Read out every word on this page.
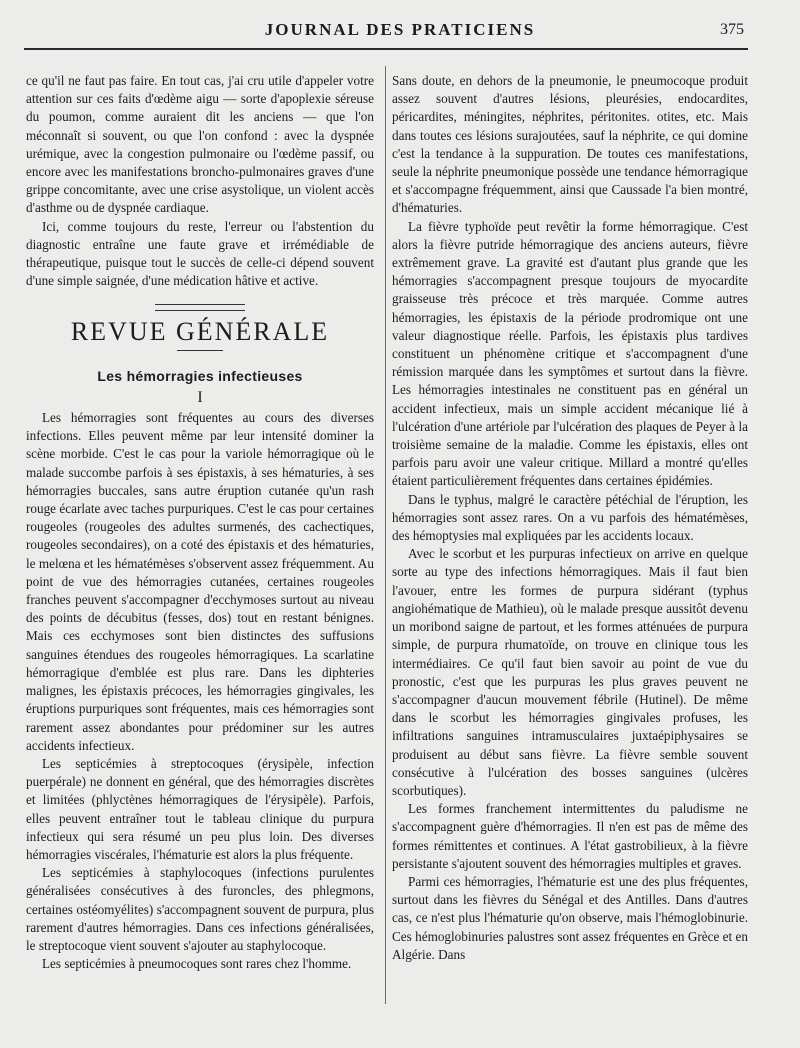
JOURNAL DES PRATICIENS	375

ce qu'il ne faut pas faire. En tout cas, j'ai cru utile d'appeler votre attention sur ces faits d'œdème aigu — sorte d'apoplexie séreuse du poumon, comme auraient dit les anciens — que l'on méconnaît si souvent, ou que l'on confond : avec la dyspnée urémique, avec la congestion pulmonaire ou l'œdème passif, ou encore avec les manifestations broncho-pulmonaires graves d'une grippe concomitante, avec une crise asystolique, un violent accès d'asthme ou de dyspnée cardiaque.

Ici, comme toujours du reste, l'erreur ou l'abstention du diagnostic entraîne une faute grave et irrémédiable de thérapeutique, puisque tout le succès de celle-ci dépend souvent d'une simple saignée, d'une médication hâtive et active.

REVUE GÉNÉRALE
Les hémorragies infectieuses
I

Les hémorragies sont fréquentes au cours des diverses infections. Elles peuvent même par leur intensité dominer la scène morbide. C'est le cas pour la variole hémorragique où le malade succombe parfois à ses épistaxis, à ses hématuries, à ses hémorragies buccales, sans autre éruption cutanée qu'un rash rouge écarlate avec taches purpuriques. C'est le cas pour certaines rougeoles (rougeoles des adultes surmenés, des cachectiques, rougeoles secondaires), on a coté des épistaxis et des hématuries, le melœna et les hématémèses s'observent assez fréquemment. Au point de vue des hémorragies cutanées, certaines rougeoles franches peuvent s'accompagner d'ecchymoses surtout au niveau des points de décubitus (fesses, dos) tout en restant bénignes. Mais ces ecchymoses sont bien distinctes des suffusions sanguines étendues des rougeoles hémorragiques. La scarlatine hémorragique d'emblée est plus rare. Dans les diphteries malignes, les épistaxis précoces, les hémorragies gingivales, les éruptions purpuriques sont fréquentes, mais ces hémorragies sont rarement assez abondantes pour prédominer sur les autres accidents infectieux.

Les septicémies à streptocoques (érysipèle, infection puerpérale) ne donnent en général, que des hémorragies discrètes et limitées (phlyctènes hémorragiques de l'érysipèle). Parfois, elles peuvent entraîner tout le tableau clinique du purpura infectieux qui sera résumé un peu plus loin. Des diverses hémorragies viscérales, l'hématurie est alors la plus fréquente.

Les septicémies à staphylocoques (infections purulentes généralisées consécutives à des furoncles, des phlegmons, certaines ostéomyélites) s'accompagnent souvent de purpura, plus rarement d'autres hémorragies. Dans ces infections généralisées, le streptocoque vient souvent s'ajouter au staphylocoque.

Les septicémies à pneumocoques sont rares chez l'homme.

Sans doute, en dehors de la pneumonie, le pneumocoque produit assez souvent d'autres lésions, pleurésies, endocardites, péricardites, méningites, néphrites, péritonites. otites, etc. Mais dans toutes ces lésions surajoutées, sauf la néphrite, ce qui domine c'est la tendance à la suppuration. De toutes ces manifestations, seule la néphrite pneumonique possède une tendance hémorragique et s'accompagne fréquemment, ainsi que Caussade l'a bien montré, d'hématuries.

La fièvre typhoïde peut revêtir la forme hémorragique. C'est alors la fièvre putride hémorragique des anciens auteurs, fièvre extrêmement grave. La gravité est d'autant plus grande que les hémorragies s'accompagnent presque toujours de myocardite graisseuse très précoce et très marquée. Comme autres hémorragies, les épistaxis de la période prodromique ont une valeur diagnostique réelle. Parfois, les épistaxis plus tardives constituent un phénomène critique et s'accompagnent d'une rémission marquée dans les symptômes et surtout dans la fièvre. Les hémorragies intestinales ne constituent pas en général un accident infectieux, mais un simple accident mécanique lié à l'ulcération d'une artériole par l'ulcération des plaques de Peyer à la troisième semaine de la maladie. Comme les épistaxis, elles ont parfois paru avoir une valeur critique. Millard a montré qu'elles étaient particulièrement fréquentes dans certaines épidémies.

Dans le typhus, malgré le caractère pétéchial de l'éruption, les hémorragies sont assez rares. On a vu parfois des hématémèses, des hémoptysies mal expliquées par les accidents locaux.

Avec le scorbut et les purpuras infectieux on arrive en quelque sorte au type des infections hémorragiques. Mais il faut bien l'avouer, entre les formes de purpura sidérant (typhus angiohématique de Mathieu), où le malade presque aussitôt devenu un moribond saigne de partout, et les formes atténuées de purpura simple, de purpura rhumatoïde, on trouve en clinique tous les intermédiaires. Ce qu'il faut bien savoir au point de vue du pronostic, c'est que les purpuras les plus graves peuvent ne s'accompagner d'aucun mouvement fébrile (Hutinel). De même dans le scorbut les hémorragies gingivales profuses, les infiltrations sanguines intramusculaires juxtaépiphysaires se produisent au début sans fièvre. La fièvre semble souvent consécutive à l'ulcération des bosses sanguines (ulcères scorbutiques).

Les formes franchement intermittentes du paludisme ne s'accompagnent guère d'hémorragies. Il n'en est pas de même des formes rémittentes et continues. A l'état gastrobilieux, à la fièvre persistante s'ajoutent souvent des hémorragies multiples et graves.

Parmi ces hémorragies, l'hématurie est une des plus fréquentes, surtout dans les fièvres du Sénégal et des Antilles. Dans d'autres cas, ce n'est plus l'hématurie qu'on observe, mais l'hémoglobinurie. Ces hémoglobinuries palustres sont assez fréquentes en Grèce et en Algérie. Dans
